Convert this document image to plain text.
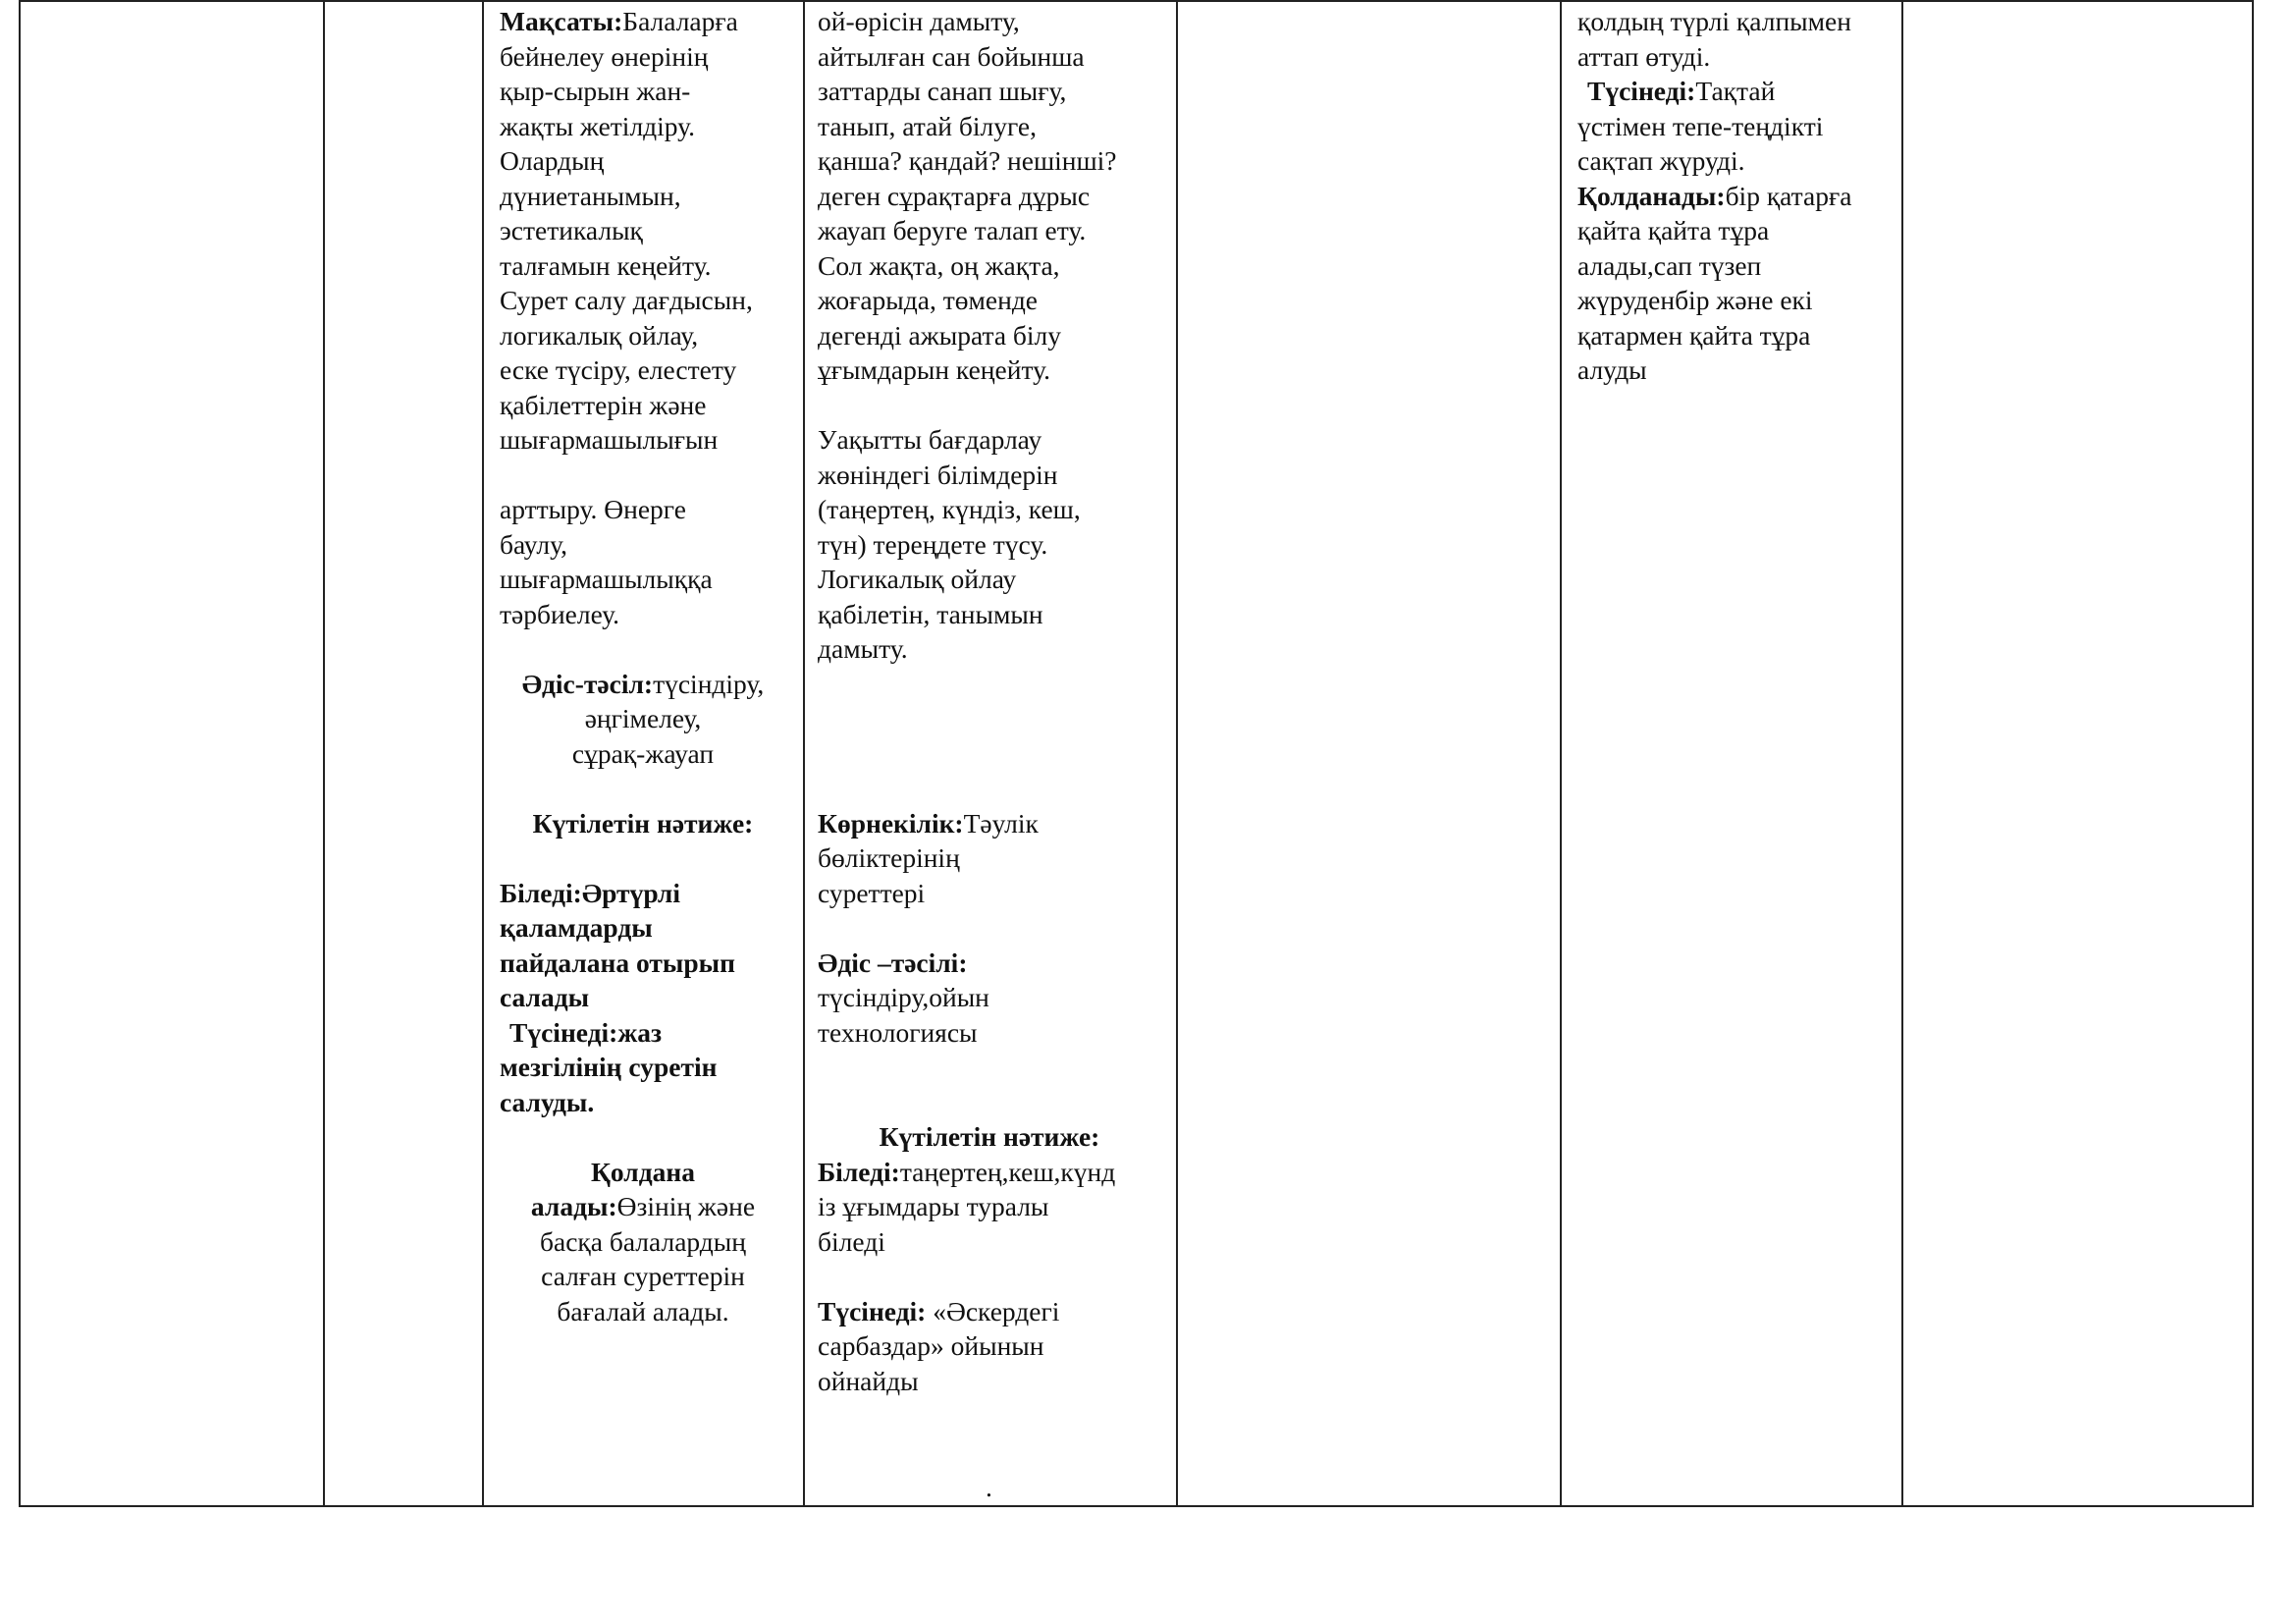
Мақсаты:Балаларға
бейнелеу өнерінің
қыр-сырын жан-
жақты жетілдіру.
Олардың
дүниетанымын,
эстетикалық
талғамын кеңейту.
Сурет салу дағдысын,
логикалық ойлау,
еске түсіру, елестету
қабілеттерін және
шығармашылығын
арттыру. Өнерге
баулу,
шығармашылыққа
тәрбиелеу.
Әдіс-тәсіл:түсіндіру,
әңгімелеу,
сұрақ-жауап
Күтілетін нәтиже:
Біледі:Әртүрлі
қаламдарды
пайдалана отырып
салады
Түсінеді:жаз
мезгілінің суретін
салуды.
Қолдана
алады:Өзінің және
басқа балалардың
салған суреттерін
бағалай алады.
ой-өрісін дамыту,
айтылған сан бойынша
заттарды санап шығу,
танып, атай білуге,
қанша? қандай? нешінші?
деген сұрақтарға дұрыс
жауап беруге талап ету.
Сол жақта, оң жақта,
жоғарыда, төменде
дегенді ажырата білу
ұғымдарын кеңейту.
Уақытты бағдарлау
жөніндегі білімдерін
(таңертең, күндіз, кеш,
түн) тереңдете түсу.
Логикалық ойлау
қабілетін, танымын
дамыту.
Көрнекілік:Тәулік
бөліктерінің
суреттері
Әдіс –тәсілі:
түсіндіру,ойын
технологиясы
Күтілетін нәтиже:
Біледі:таңертең,кеш,күнд
із ұғымдары туралы
біледі
Түсінеді: «Әскердегі
сарбаздар» ойынын
ойнайды
.
қолдың түрлі қалпымен
аттап өтуді.
Түсінеді:Тақтай
үстімен тепе-теңдікті
сақтап жүруді.
Қолданады:бір қатарға
қайта қайта тұра
алады,сап түзеп
жүруденбір және екі
қатармен қайта тұра
алуды
